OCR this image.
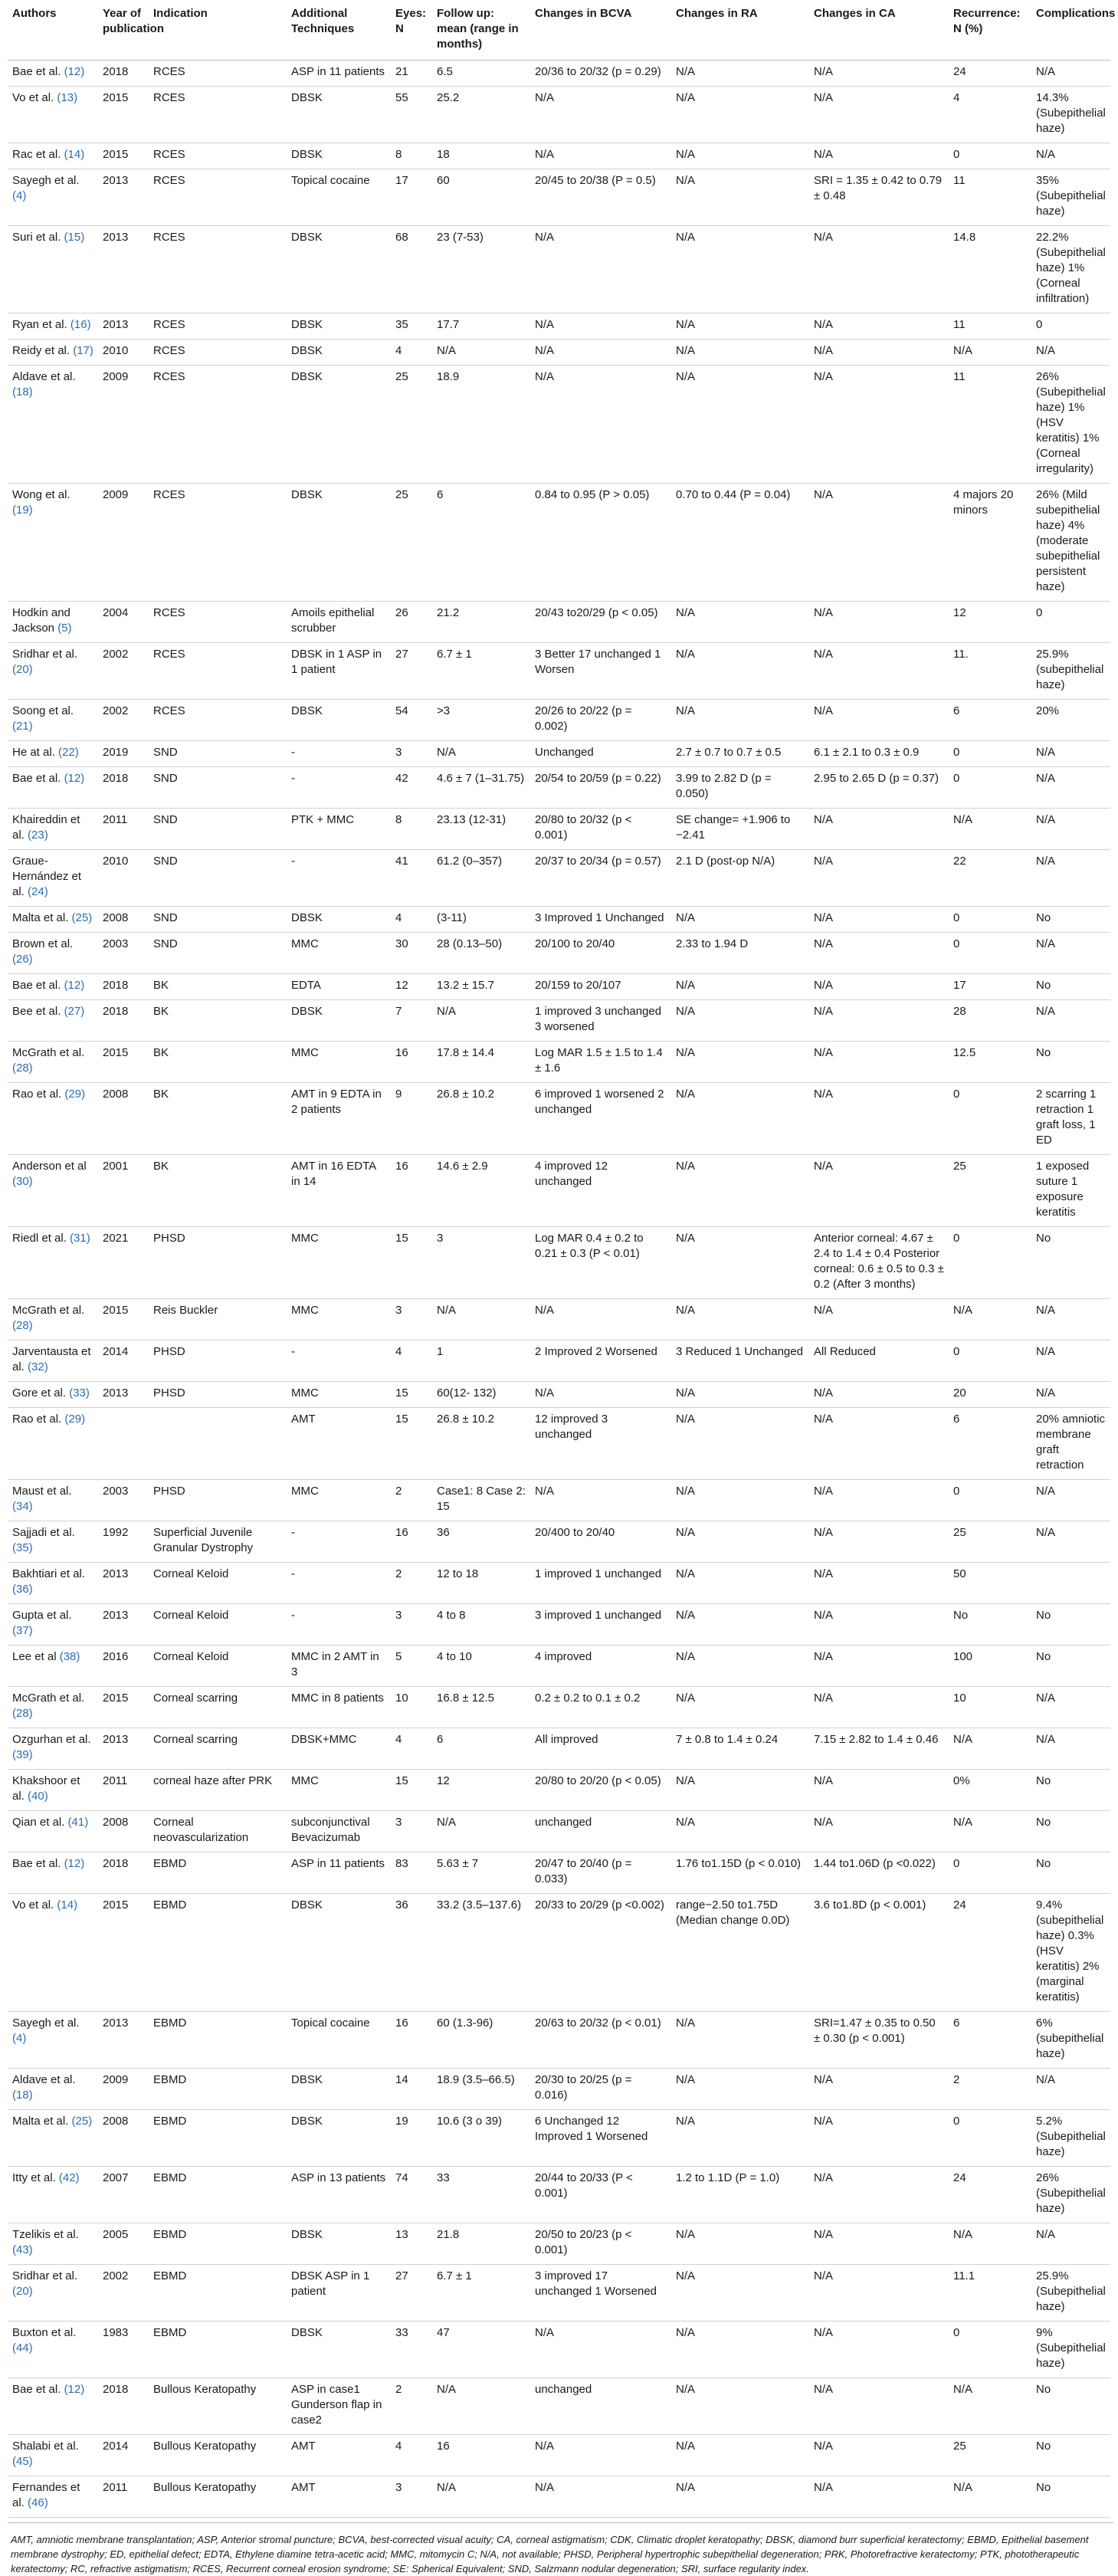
Authors	Year of publication	Indication	Additional Techniques	Eyes: N	Follow up: mean (range in months)	Changes in BCVA	Changes in RA	Changes in CA	Recurrence: N (%)	Complications
Bae et al. (12)	2018	RCES	ASP in 11 patients	21	6.5	20/36 to 20/32 (p = 0.29)	N/A	N/A	24	N/A
Vo et al. (13)	2015	RCES	DBSK	55	25.2	N/A	N/A	N/A	4	14.3% (Subepithelial haze)
Rac et al. (14)	2015	RCES	DBSK	8	18	N/A	N/A	N/A	0	N/A
Sayegh et al. (4)	2013	RCES	Topical cocaine	17	60	20/45 to 20/38 (P = 0.5)	N/A	SRI = 1.35 ± 0.42 to 0.79 ± 0.48	11	35% (Subepithelial haze)
Suri et al. (15)	2013	RCES	DBSK	68	23 (7-53)	N/A	N/A	N/A	14.8	22.2% (Subepithelial haze) 1% (Corneal infiltration)
Ryan et al. (16)	2013	RCES	DBSK	35	17.7	N/A	N/A	N/A	11	0
Reidy et al. (17)	2010	RCES	DBSK	4	N/A	N/A	N/A	N/A	N/A	N/A
Aldave et al. (18)	2009	RCES	DBSK	25	18.9	N/A	N/A	N/A	11	26% (Subepithelial haze) 1% (HSV keratitis) 1% (Corneal irregularity)
Wong et al. (19)	2009	RCES	DBSK	25	6	0.84 to 0.95 (P > 0.05)	0.70 to 0.44 (P = 0.04)	N/A	4 majors 20 minors	26% (Mild subepithelial haze) 4% (moderate subepithelial persistent haze)
Hodkin and Jackson (5)	2004	RCES	Amoils epithelial scrubber	26	21.2	20/43 to20/29 (p < 0.05)	N/A	N/A	12	0
Sridhar et al. (20)	2002	RCES	DBSK in 1 ASP in 1 patient	27	6.7 ± 1	3 Better 17 unchanged 1 Worsen	N/A	N/A	11.	25.9% (subepithelial haze)
Soong et al. (21)	2002	RCES	DBSK	54	>3	20/26 to 20/22 (p = 0.002)	N/A	N/A	6	20%
He at al. (22)	2019	SND	-	3	N/A	Unchanged	2.7 ± 0.7 to 0.7 ± 0.5	6.1 ± 2.1 to 0.3 ± 0.9	0	N/A
Bae et al. (12)	2018	SND	-	42	4.6 ± 7 (1–31.75)	20/54 to 20/59 (p = 0.22)	3.99 to 2.82 D (p = 0.050)	2.95 to 2.65 D (p = 0.37)	0	N/A
Khaireddin et al. (23)	2011	SND	PTK + MMC	8	23.13 (12-31)	20/80 to 20/32 (p < 0.001)	SE change= +1.906 to −2.41	N/A	N/A	N/A
Graue-Hernández et al. (24)	2010	SND	-	41	61.2 (0–357)	20/37 to 20/34 (p = 0.57)	2.1 D (post-op N/A)	N/A	22	N/A
Malta et al. (25)	2008	SND	DBSK	4	(3-11)	3 Improved 1 Unchanged	N/A	N/A	0	No
Brown et al. (26)	2003	SND	MMC	30	28 (0.13–50)	20/100 to 20/40	2.33 to 1.94 D	N/A	0	N/A
Bae et al. (12)	2018	BK	EDTA	12	13.2 ± 15.7	20/159 to 20/107	N/A	N/A	17	No
Bee et al. (27)	2018	BK	DBSK	7	N/A	1 improved 3 unchanged 3 worsened	N/A	N/A	28	N/A
McGrath et al. (28)	2015	BK	MMC	16	17.8 ± 14.4	Log MAR 1.5 ± 1.5 to 1.4 ± 1.6	N/A	N/A	12.5	No
Rao et al. (29)	2008	BK	AMT in 9 EDTA in 2 patients	9	26.8 ± 10.2	6 improved 1 worsened 2 unchanged	N/A	N/A	0	2 scarring 1 retraction 1 graft loss, 1 ED
Anderson et al (30)	2001	BK	AMT in 16 EDTA in 14	16	14.6 ± 2.9	4 improved 12 unchanged	N/A	N/A	25	1 exposed suture 1 exposure keratitis
Riedl et al. (31)	2021	PHSD	MMC	15	3	Log MAR 0.4 ± 0.2 to 0.21 ± 0.3 (P < 0.01)	N/A	Anterior corneal: 4.67 ± 2.4 to 1.4 ± 0.4 Posterior corneal: 0.6 ± 0.5 to 0.3 ± 0.2 (After 3 months)	0	No
McGrath et al. (28)	2015	Reis Buckler	MMC	3	N/A	N/A	N/A	N/A	N/A	N/A
Jarventausta et al. (32)	2014	PHSD	-	4	1	2 Improved 2 Worsened	3 Reduced 1 Unchanged	All Reduced	0	N/A
Gore et al. (33)	2013	PHSD	MMC	15	60(12- 132)	N/A	N/A	N/A	20	N/A
Rao et al. (29)			AMT	15	26.8 ± 10.2	12 improved 3 unchanged	N/A	N/A	6	20% amniotic membrane graft retraction
Maust et al. (34)	2003	PHSD	MMC	2	Case1: 8 Case 2: 15	N/A	N/A	N/A	0	N/A
Sajjadi et al. (35)	1992	Superficial Juvenile Granular Dystrophy	-	16	36	20/400 to 20/40	N/A	N/A	25	N/A
Bakhtiari et al. (36)	2013	Corneal Keloid	-	2	12 to 18	1 improved 1 unchanged	N/A	N/A	50	
Gupta et al. (37)	2013	Corneal Keloid	-	3	4 to 8	3 improved 1 unchanged	N/A	N/A	No	No
Lee et al (38)	2016	Corneal Keloid	MMC in 2 AMT in 3	5	4 to 10	4 improved	N/A	N/A	100	No
McGrath et al. (28)	2015	Corneal scarring	MMC in 8 patients	10	16.8 ± 12.5	0.2 ± 0.2 to 0.1 ± 0.2	N/A	N/A	10	N/A
Ozgurhan et al. (39)	2013	Corneal scarring	DBSK+MMC	4	6	All improved	7 ± 0.8 to 1.4 ± 0.24	7.15 ± 2.82 to 1.4 ± 0.46	N/A	N/A
Khakshoor et al. (40)	2011	corneal haze after PRK	MMC	15	12	20/80 to 20/20 (p < 0.05)	N/A	N/A	0%	No
Qian et al. (41)	2008	Corneal neovascularization	subconjunctival Bevacizumab	3	N/A	unchanged	N/A	N/A	N/A	No
Bae et al. (12)	2018	EBMD	ASP in 11 patients	83	5.63 ± 7	20/47 to 20/40 (p = 0.033)	1.76 to1.15D (p < 0.010)	1.44 to1.06D (p <0.022)	0	No
Vo et al. (14)	2015	EBMD	DBSK	36	33.2 (3.5–137.6)	20/33 to 20/29 (p <0.002)	range−2.50 to1.75D (Median change 0.0D)	3.6 to1.8D (p < 0.001)	24	9.4% (subepithelial haze) 0.3% (HSV keratitis) 2% (marginal keratitis)
Sayegh et al. (4)	2013	EBMD	Topical cocaine	16	60 (1.3-96)	20/63 to 20/32 (p < 0.01)	N/A	SRI=1.47 ± 0.35 to 0.50 ± 0.30 (p < 0.001)	6	6% (subepithelial haze)
Aldave et al. (18)	2009	EBMD	DBSK	14	18.9 (3.5–66.5)	20/30 to 20/25 (p = 0.016)	N/A	N/A	2	N/A
Malta et al. (25)	2008	EBMD	DBSK	19	10.6 (3 o 39)	6 Unchanged 12 Improved 1 Worsened	N/A	N/A	0	5.2% (Subepithelial haze)
Itty et al. (42)	2007	EBMD	ASP in 13 patients	74	33	20/44 to 20/33 (P < 0.001)	1.2 to 1.1D (P = 1.0)	N/A	24	26% (Subepithelial haze)
Tzelikis et al. (43)	2005	EBMD	DBSK	13	21.8	20/50 to 20/23 (p < 0.001)	N/A	N/A	N/A	N/A
Sridhar et al. (20)	2002	EBMD	DBSK ASP in 1 patient	27	6.7 ± 1	3 improved 17 unchanged 1 Worsened	N/A	N/A	11.1	25.9% (Subepithelial haze)
Buxton et al. (44)	1983	EBMD	DBSK	33	47	N/A	N/A	N/A	0	9% (Subepithelial haze)
Bae et al. (12)	2018	Bullous Keratopathy	ASP in case1 Gunderson flap in case2	2	N/A	unchanged	N/A	N/A	N/A	No
Shalabi et al. (45)	2014	Bullous Keratopathy	AMT	4	16	N/A	N/A	N/A	25	No
Fernandes et al. (46)	2011	Bullous Keratopathy	AMT	3	N/A	N/A	N/A	N/A	N/A	No
AMT, amniotic membrane transplantation; ASP, Anterior stromal puncture; BCVA, best-corrected visual acuity; CA, corneal astigmatism; CDK, Climatic droplet keratopathy; DBSK, diamond burr superficial keratectomy; EBMD, Epithelial basement membrane dystrophy; ED, epithelial defect; EDTA, Ethylene diamine tetra-acetic acid; MMC, mitomycin C; N/A, not available; PHSD, Peripheral hypertrophic subepithelial degeneration; PRK, Photorefractive keratectomy; PTK, phototherapeutic keratectomy; RC, refractive astigmatism; RCES, Recurrent corneal erosion syndrome; SE: Spherical Equivalent; SND, Salzmann nodular degeneration; SRI, surface regularity index.
